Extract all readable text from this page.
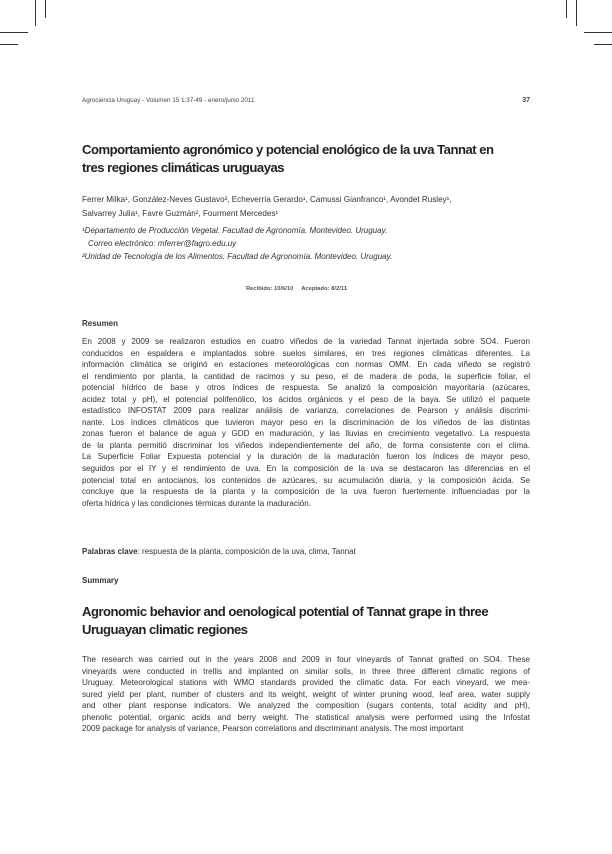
Agrociencia Uruguay - Volumen 15 1:37-49 - enero/junio 2011	37
Comportamiento agronómico y potencial enológico de la uva Tannat en
tres regiones climáticas uruguayas
Ferrer Milka¹, González-Neves Gustavo², Echeverría Gerardo¹, Camussi Gianfranco¹, Avondet Rusley¹,
Salvarrey Julia¹, Favre Guzmán², Fourment Mercedes¹
¹Departamento de Producción Vegetal. Facultad de Agronomía. Montevideo. Uruguay.
Correo electrónico: mferrer@fagro.edu.uy
²Unidad de Tecnología de los Alimentos. Facultad de Agronomía. Montevideo. Uruguay.
Recibido: 10/6/10     Aceptado: 8/2/11
Resumen
En 2008 y 2009 se realizaron estudios en cuatro viñedos de la variedad Tannat injertada sobre SO4. Fueron
conducidos en espaldera e implantados sobre suelos similares, en tres regiones climáticas diferentes. La
información climática se originó en estaciones meteorológicas con normas OMM. En cada viñedo se registró
el rendimiento por planta, la cantidad de racimos y su peso, el de madera de poda, la superficie foliar, el
potencial hídrico de base y otros índices de respuesta. Se analizó la composición mayoritaria (azúcares,
acidez total y pH), el potencial polifenólico, los ácidos orgánicos y el peso de la baya. Se utilizó el paquete
estadístico INFOSTAT 2009 para realizar análisis de varianza, correlaciones de Pearson y análisis discrimi-
nante. Los índices climáticos que tuvieron mayor peso en la discriminación de los viñedos de las distintas
zonas fueron el balance de agua y GDD en maduración, y las lluvias en crecimiento vegetativo. La respuesta
de la planta permitió discriminar los viñedos independientemente del año, de forma consistente con el clima.
La Superficie Foliar Expuesta potencial y la duración de la maduración fueron los índices de mayor peso,
seguidos por el IY y el rendimiento de uva. En la composición de la uva se destacaron las diferencias en el
potencial total en antocianos, los contenidos de azúcares, su acumulación diaria, y la composición ácida. Se
concluye que la respuesta de la planta y la composición de la uva fueron fuertemente influenciadas por la
oferta hídrica y las condiciones térmicas durante la maduración.
Palabras clave: respuesta de la planta, composición de la uva, clima, Tannat
Summary
Agronomic behavior and oenological potential of Tannat grape in three
Uruguayan climatic regiones
The research was carried out in the years 2008 and 2009 in four vineyards of Tannat grafted on SO4. These
vineyards were conducted in trellis and implanted on similar soils, in three three different climatic regions of
Uruguay. Meteorological stations with WMO standards provided the climatic data. For each vineyard, we mea-
sured yield per plant, number of clusters and its weight, weight of winter pruning wood, leaf area, water supply
and other plant response indicators. We analyzed the composition (sugars contents, total acidity and pH),
phenolic potential, organic acids and berry weight. The statistical analysis were performed using the Infostat
2009 package for analysis of variance, Pearson correlations and discriminant analysis. The most important
